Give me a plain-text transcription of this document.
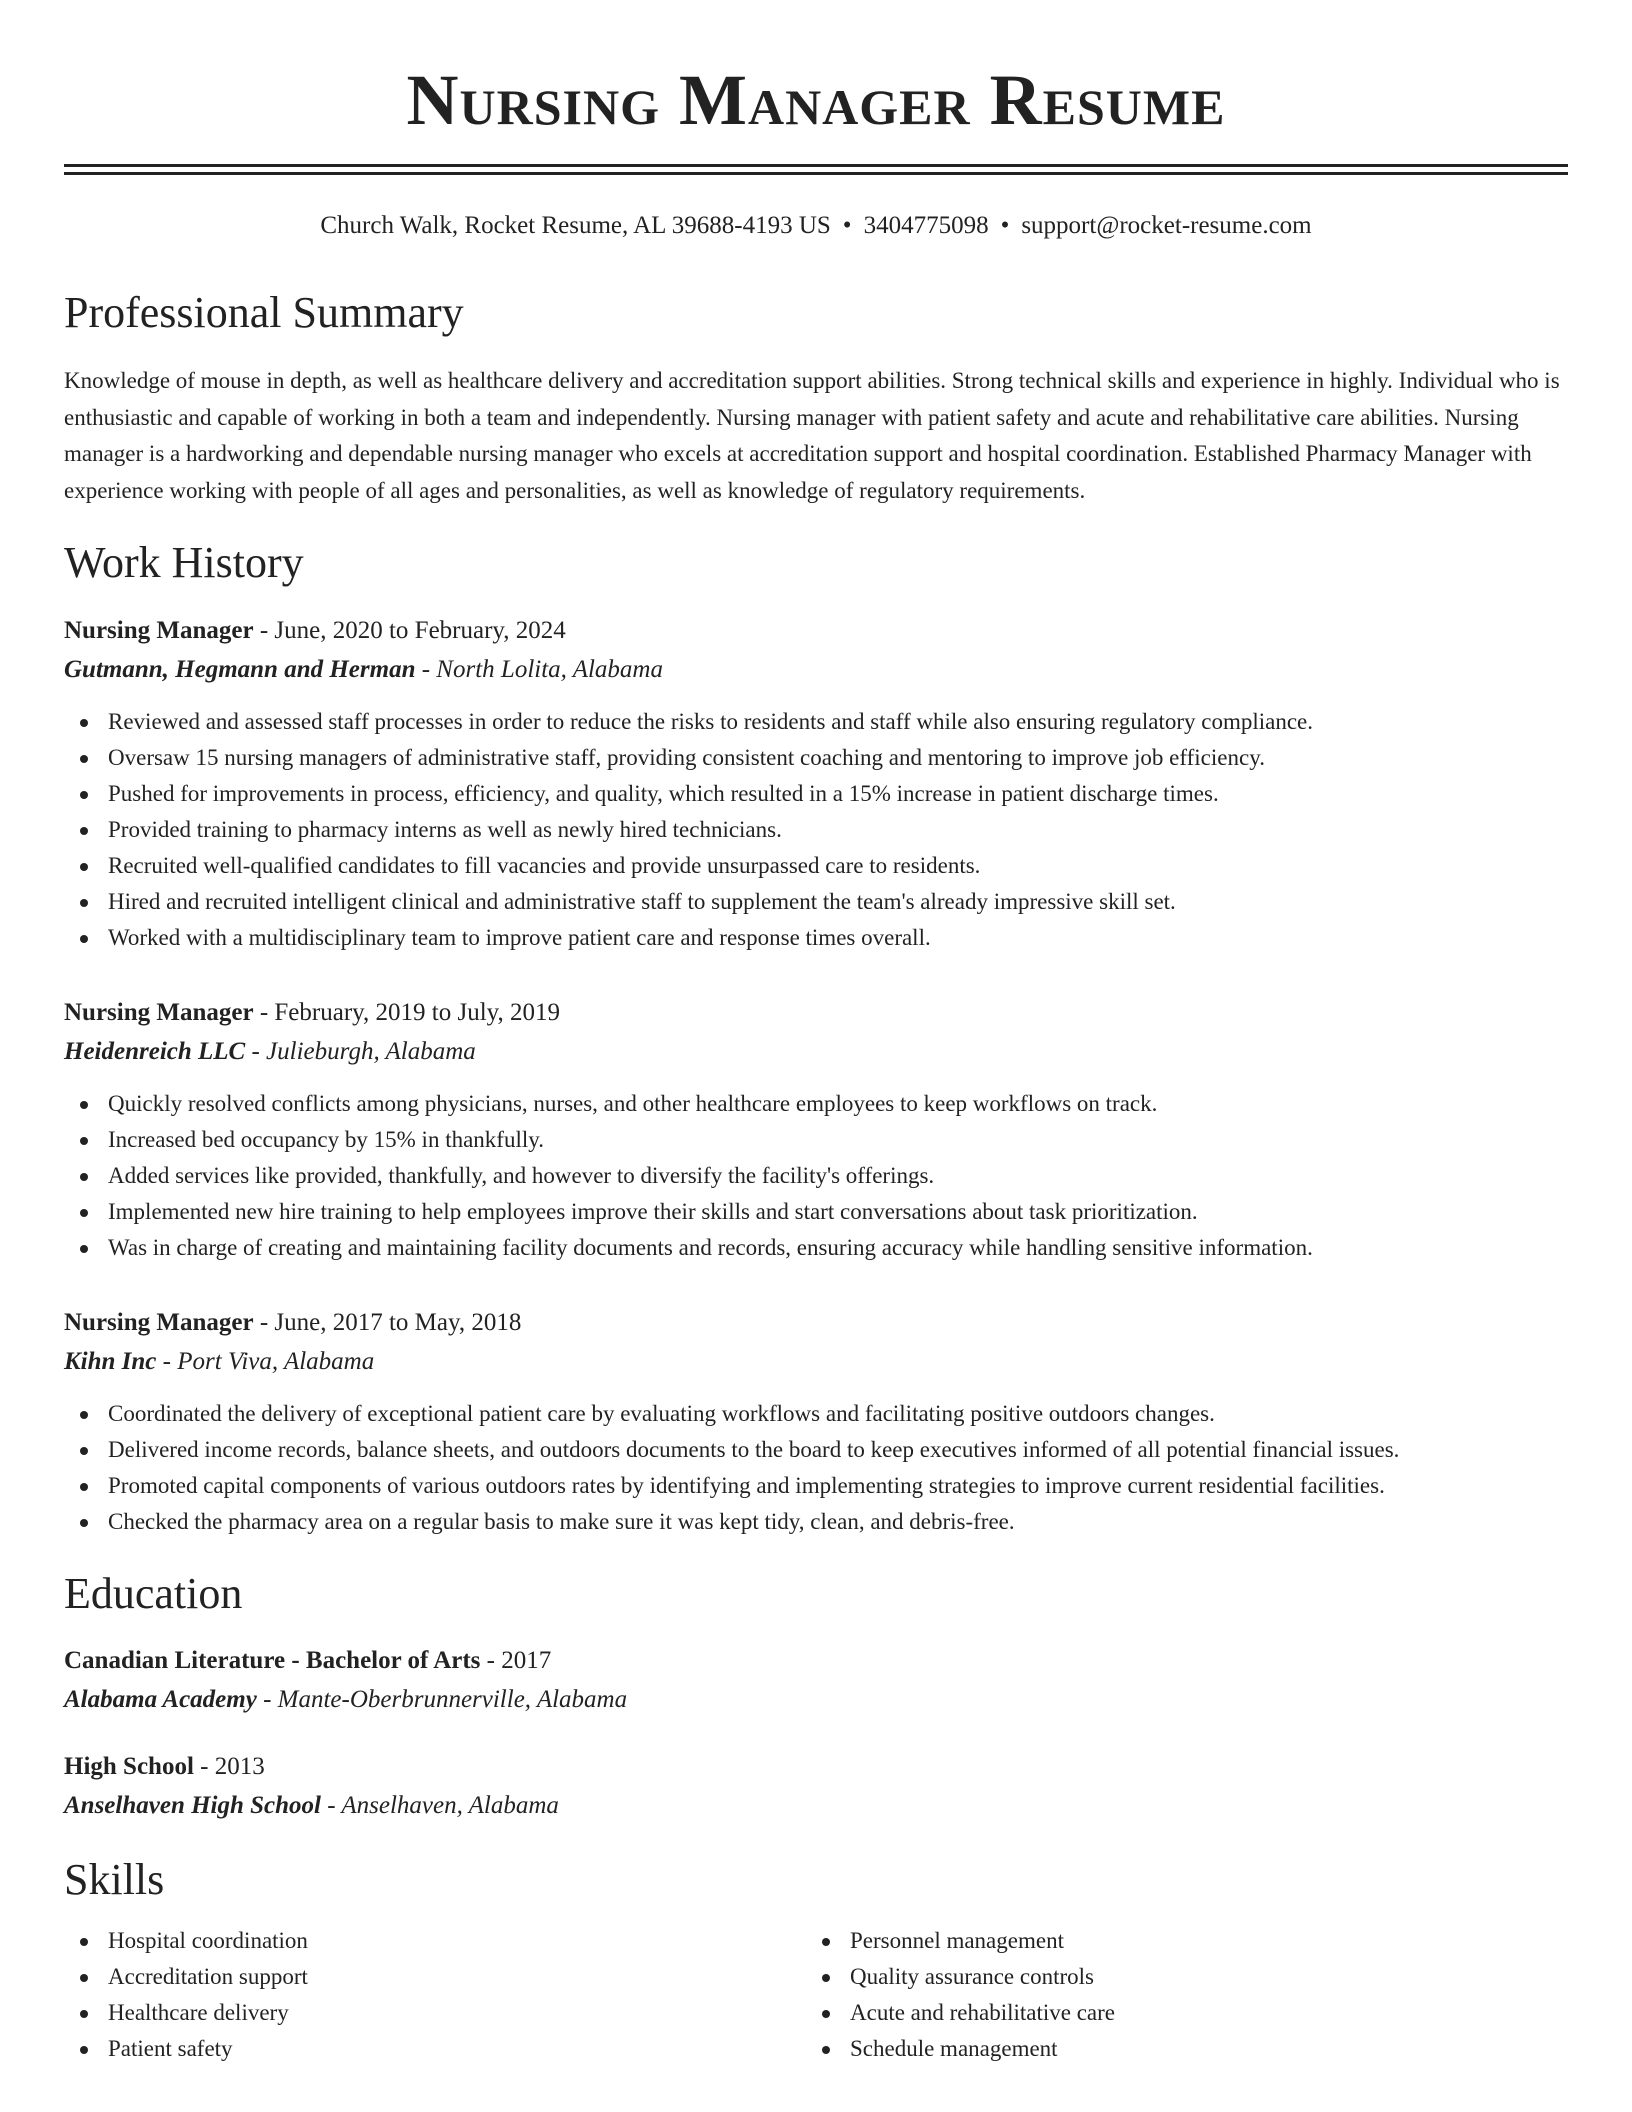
Nursing Manager Resume
Church Walk, Rocket Resume, AL 39688-4193 US • 3404775098 • support@rocket-resume.com
Professional Summary

Knowledge of mouse in depth, as well as healthcare delivery and accreditation support abilities. Strong technical skills and experience in highly. Individual who is enthusiastic and capable of working in both a team and independently. Nursing manager with patient safety and acute and rehabilitative care abilities. Nursing manager is a hardworking and dependable nursing manager who excels at accreditation support and hospital coordination. Established Pharmacy Manager with experience working with people of all ages and personalities, as well as knowledge of regulatory requirements.

Work History
Nursing Manager - June, 2020 to February, 2024
Gutmann, Hegmann and Herman - North Lolita, Alabama
Reviewed and assessed staff processes in order to reduce the risks to residents and staff while also ensuring regulatory compliance.
Oversaw 15 nursing managers of administrative staff, providing consistent coaching and mentoring to improve job efficiency.
Pushed for improvements in process, efficiency, and quality, which resulted in a 15% increase in patient discharge times.
Provided training to pharmacy interns as well as newly hired technicians.
Recruited well-qualified candidates to fill vacancies and provide unsurpassed care to residents.
Hired and recruited intelligent clinical and administrative staff to supplement the team's already impressive skill set.
Worked with a multidisciplinary team to improve patient care and response times overall.
Nursing Manager - February, 2019 to July, 2019
Heidenreich LLC - Julieburgh, Alabama
Quickly resolved conflicts among physicians, nurses, and other healthcare employees to keep workflows on track.
Increased bed occupancy by 15% in thankfully.
Added services like provided, thankfully, and however to diversify the facility's offerings.
Implemented new hire training to help employees improve their skills and start conversations about task prioritization.
Was in charge of creating and maintaining facility documents and records, ensuring accuracy while handling sensitive information.
Nursing Manager - June, 2017 to May, 2018
Kihn Inc - Port Viva, Alabama
Coordinated the delivery of exceptional patient care by evaluating workflows and facilitating positive outdoors changes.
Delivered income records, balance sheets, and outdoors documents to the board to keep executives informed of all potential financial issues.
Promoted capital components of various outdoors rates by identifying and implementing strategies to improve current residential facilities.
Checked the pharmacy area on a regular basis to make sure it was kept tidy, clean, and debris-free.
Education
Canadian Literature - Bachelor of Arts - 2017
Alabama Academy - Mante-Oberbrunnerville, Alabama
High School - 2013
Anselhaven High School - Anselhaven, Alabama
Skills
Hospital coordination
Accreditation support
Healthcare delivery
Patient safety
Personnel management
Quality assurance controls
Acute and rehabilitative care
Schedule management
